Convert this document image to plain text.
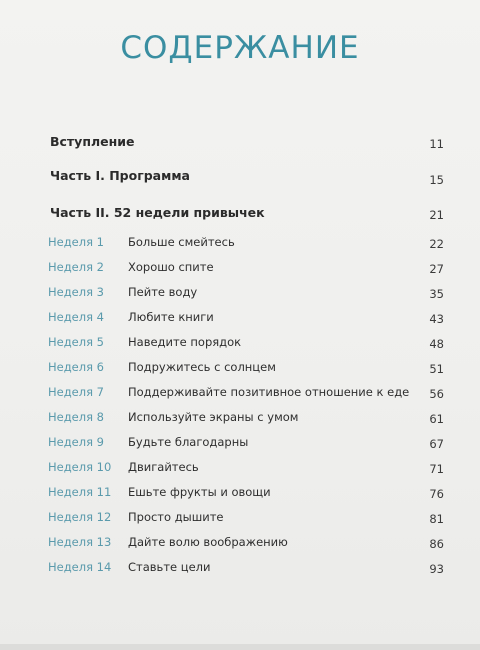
СОДЕРЖАНИЕ
Вступление	11
Часть I. Программа	15
Часть II. 52 недели привычек	21
Неделя 1 Больше смейтесь	22
Неделя 2 Хорошо спите	27
Неделя 3 Пейте воду	35
Неделя 4 Любите книги	43
Неделя 5 Наведите порядок	48
Неделя 6 Подружитесь с солнцем	51
Неделя 7 Поддерживайте позитивное отношение к еде 56
Неделя 8 Используйте экраны с умом	61
Неделя 9 Будьте благодарны	67
Неделя 10 Двигайтесь	71
Неделя 11 Ешьте фрукты и овощи	76
Неделя 12 Просто дышите	81
Неделя 13 Дайте волю воображению	86
Неделя 14 Ставьте цели	93
